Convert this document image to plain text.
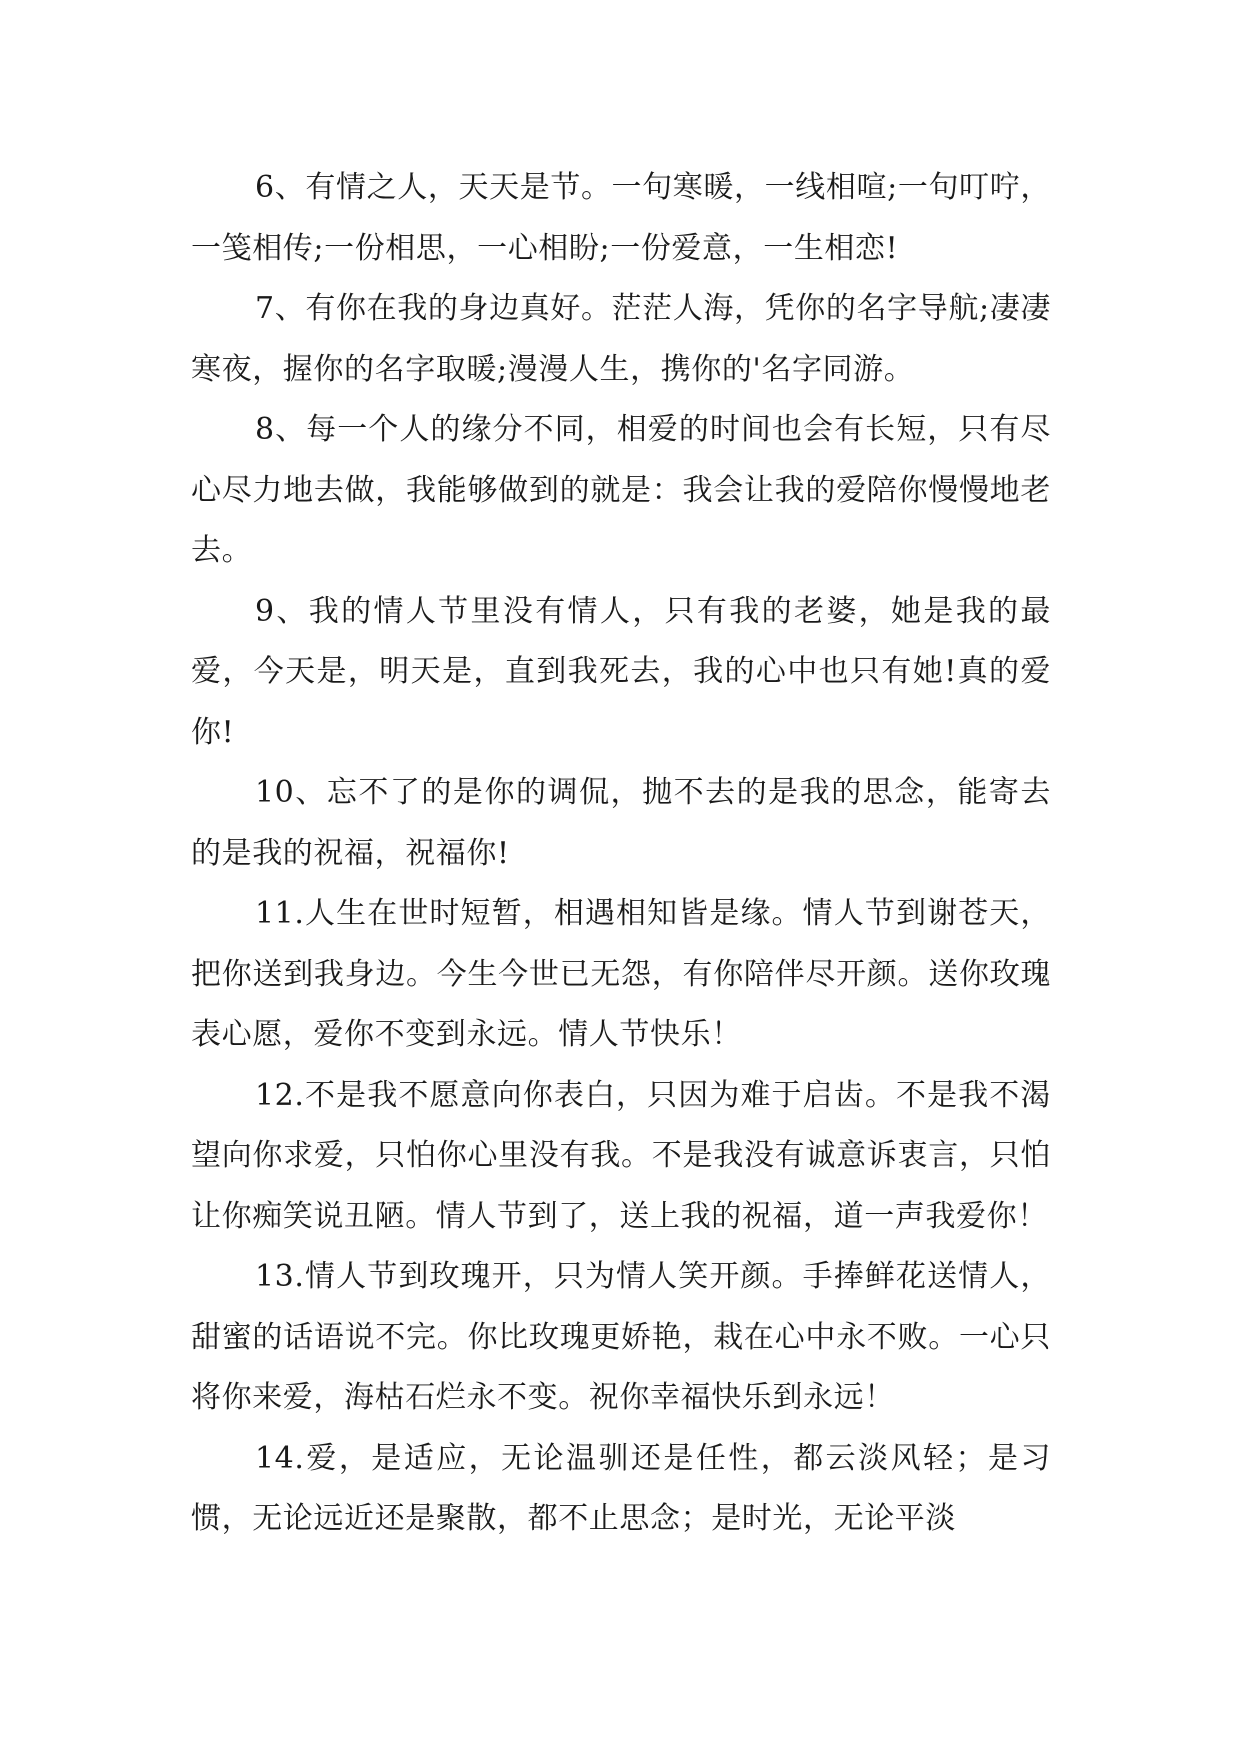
6、有情之人，天天是节。一句寒暖，一线相喧;一句叮咛，一笺相传;一份相思，一心相盼;一份爱意，一生相恋!

7、有你在我的身边真好。茫茫人海，凭你的名字导航;凄凄寒夜，握你的名字取暖;漫漫人生，携你的'名字同游。

8、每一个人的缘分不同，相爱的时间也会有长短，只有尽心尽力地去做，我能够做到的就是：我会让我的爱陪你慢慢地老去。

9、我的情人节里没有情人，只有我的老婆，她是我的最爱，今天是，明天是，直到我死去，我的心中也只有她!真的爱你!

10、忘不了的是你的调侃，抛不去的是我的思念，能寄去的是我的祝福，祝福你!

11.人生在世时短暂，相遇相知皆是缘。情人节到谢苍天，把你送到我身边。今生今世已无怨，有你陪伴尽开颜。送你玫瑰表心愿，爱你不变到永远。情人节快乐！

12.不是我不愿意向你表白，只因为难于启齿。不是我不渴望向你求爱，只怕你心里没有我。不是我没有诚意诉衷言，只怕让你痴笑说丑陋。情人节到了，送上我的祝福，道一声我爱你！

13.情人节到玫瑰开，只为情人笑开颜。手捧鲜花送情人，甜蜜的话语说不完。你比玫瑰更娇艳，栽在心中永不败。一心只将你来爱，海枯石烂永不变。祝你幸福快乐到永远！

14.爱，是适应，无论温驯还是任性，都云淡风轻；是习惯，无论远近还是聚散，都不止思念；是时光，无论平淡
